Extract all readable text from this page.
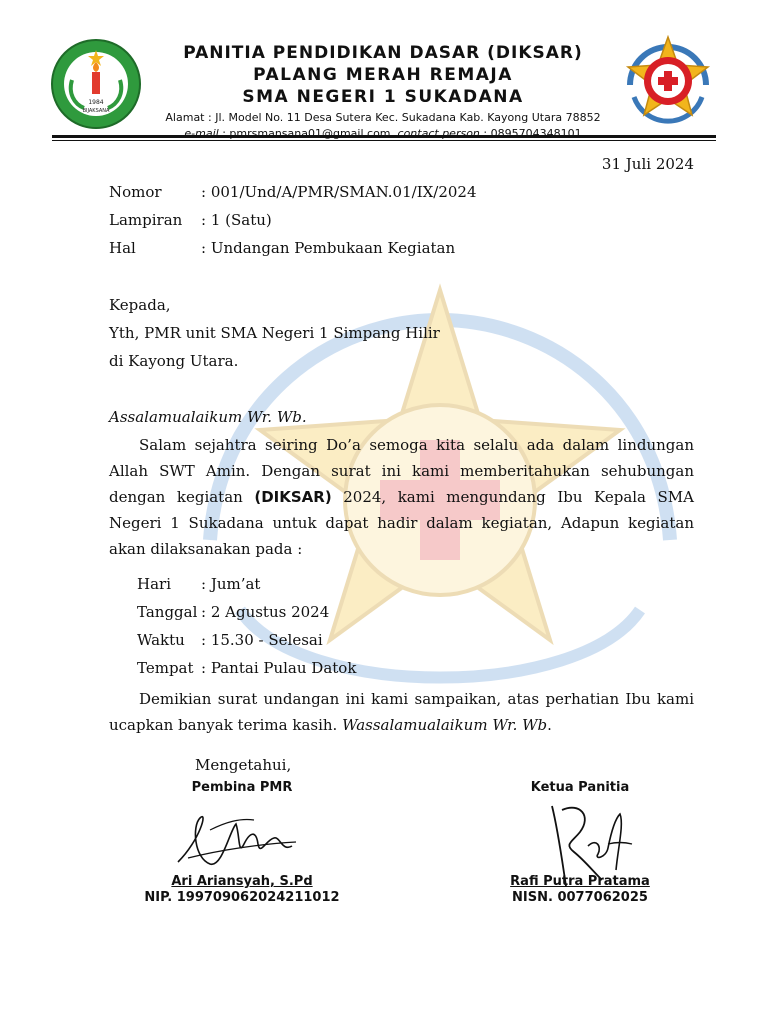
1984
BIJAKSANA
PANITIA PENDIDIKAN DASAR (DIKSAR)
PALANG MERAH REMAJA
SMA NEGERI 1 SUKADANA
Alamat : Jl. Model No. 11 Desa Sutera Kec. Sukadana Kab. Kayong Utara 78852
e-mail : pmrsmansana01@gmail.com, contact person : 0895704348101
31 Juli 2024
Nomor	: 001/Und/A/PMR/SMAN.01/IX/2024
Lampiran : 1 (Satu)
Hal	: Undangan Pembukaan Kegiatan
Kepada,
Yth, PMR unit SMA Negeri 1 Simpang Hilir
di Kayong Utara.
Assalamualaikum Wr. Wb.
Salam sejahtra seiring Do’a semoga kita selalu ada dalam lindungan
Allah SWT Amin. Dengan surat ini kami memberitahukan sehubungan
dengan kegiatan (DIKSAR) 2024, kami mengundang Ibu Kepala SMA
Negeri 1 Sukadana untuk dapat hadir dalam kegiatan, Adapun kegiatan
akan dilaksanakan pada :
Hari : Jum’at
Tanggal : 2 Agustus 2024
Waktu : 15.30 - Selesai
Tempat : Pantai Pulau Datok
Demikian surat undangan ini kami sampaikan, atas perhatian Ibu kami
ucapkan banyak terima kasih. Wassalamualaikum Wr. Wb.
Mengetahui,
Pembina PMR
Ari Ariansyah, S.Pd
NIP. 199709062024211012
Ketua Panitia
Rafi Putra Pratama
NISN. 0077062025
